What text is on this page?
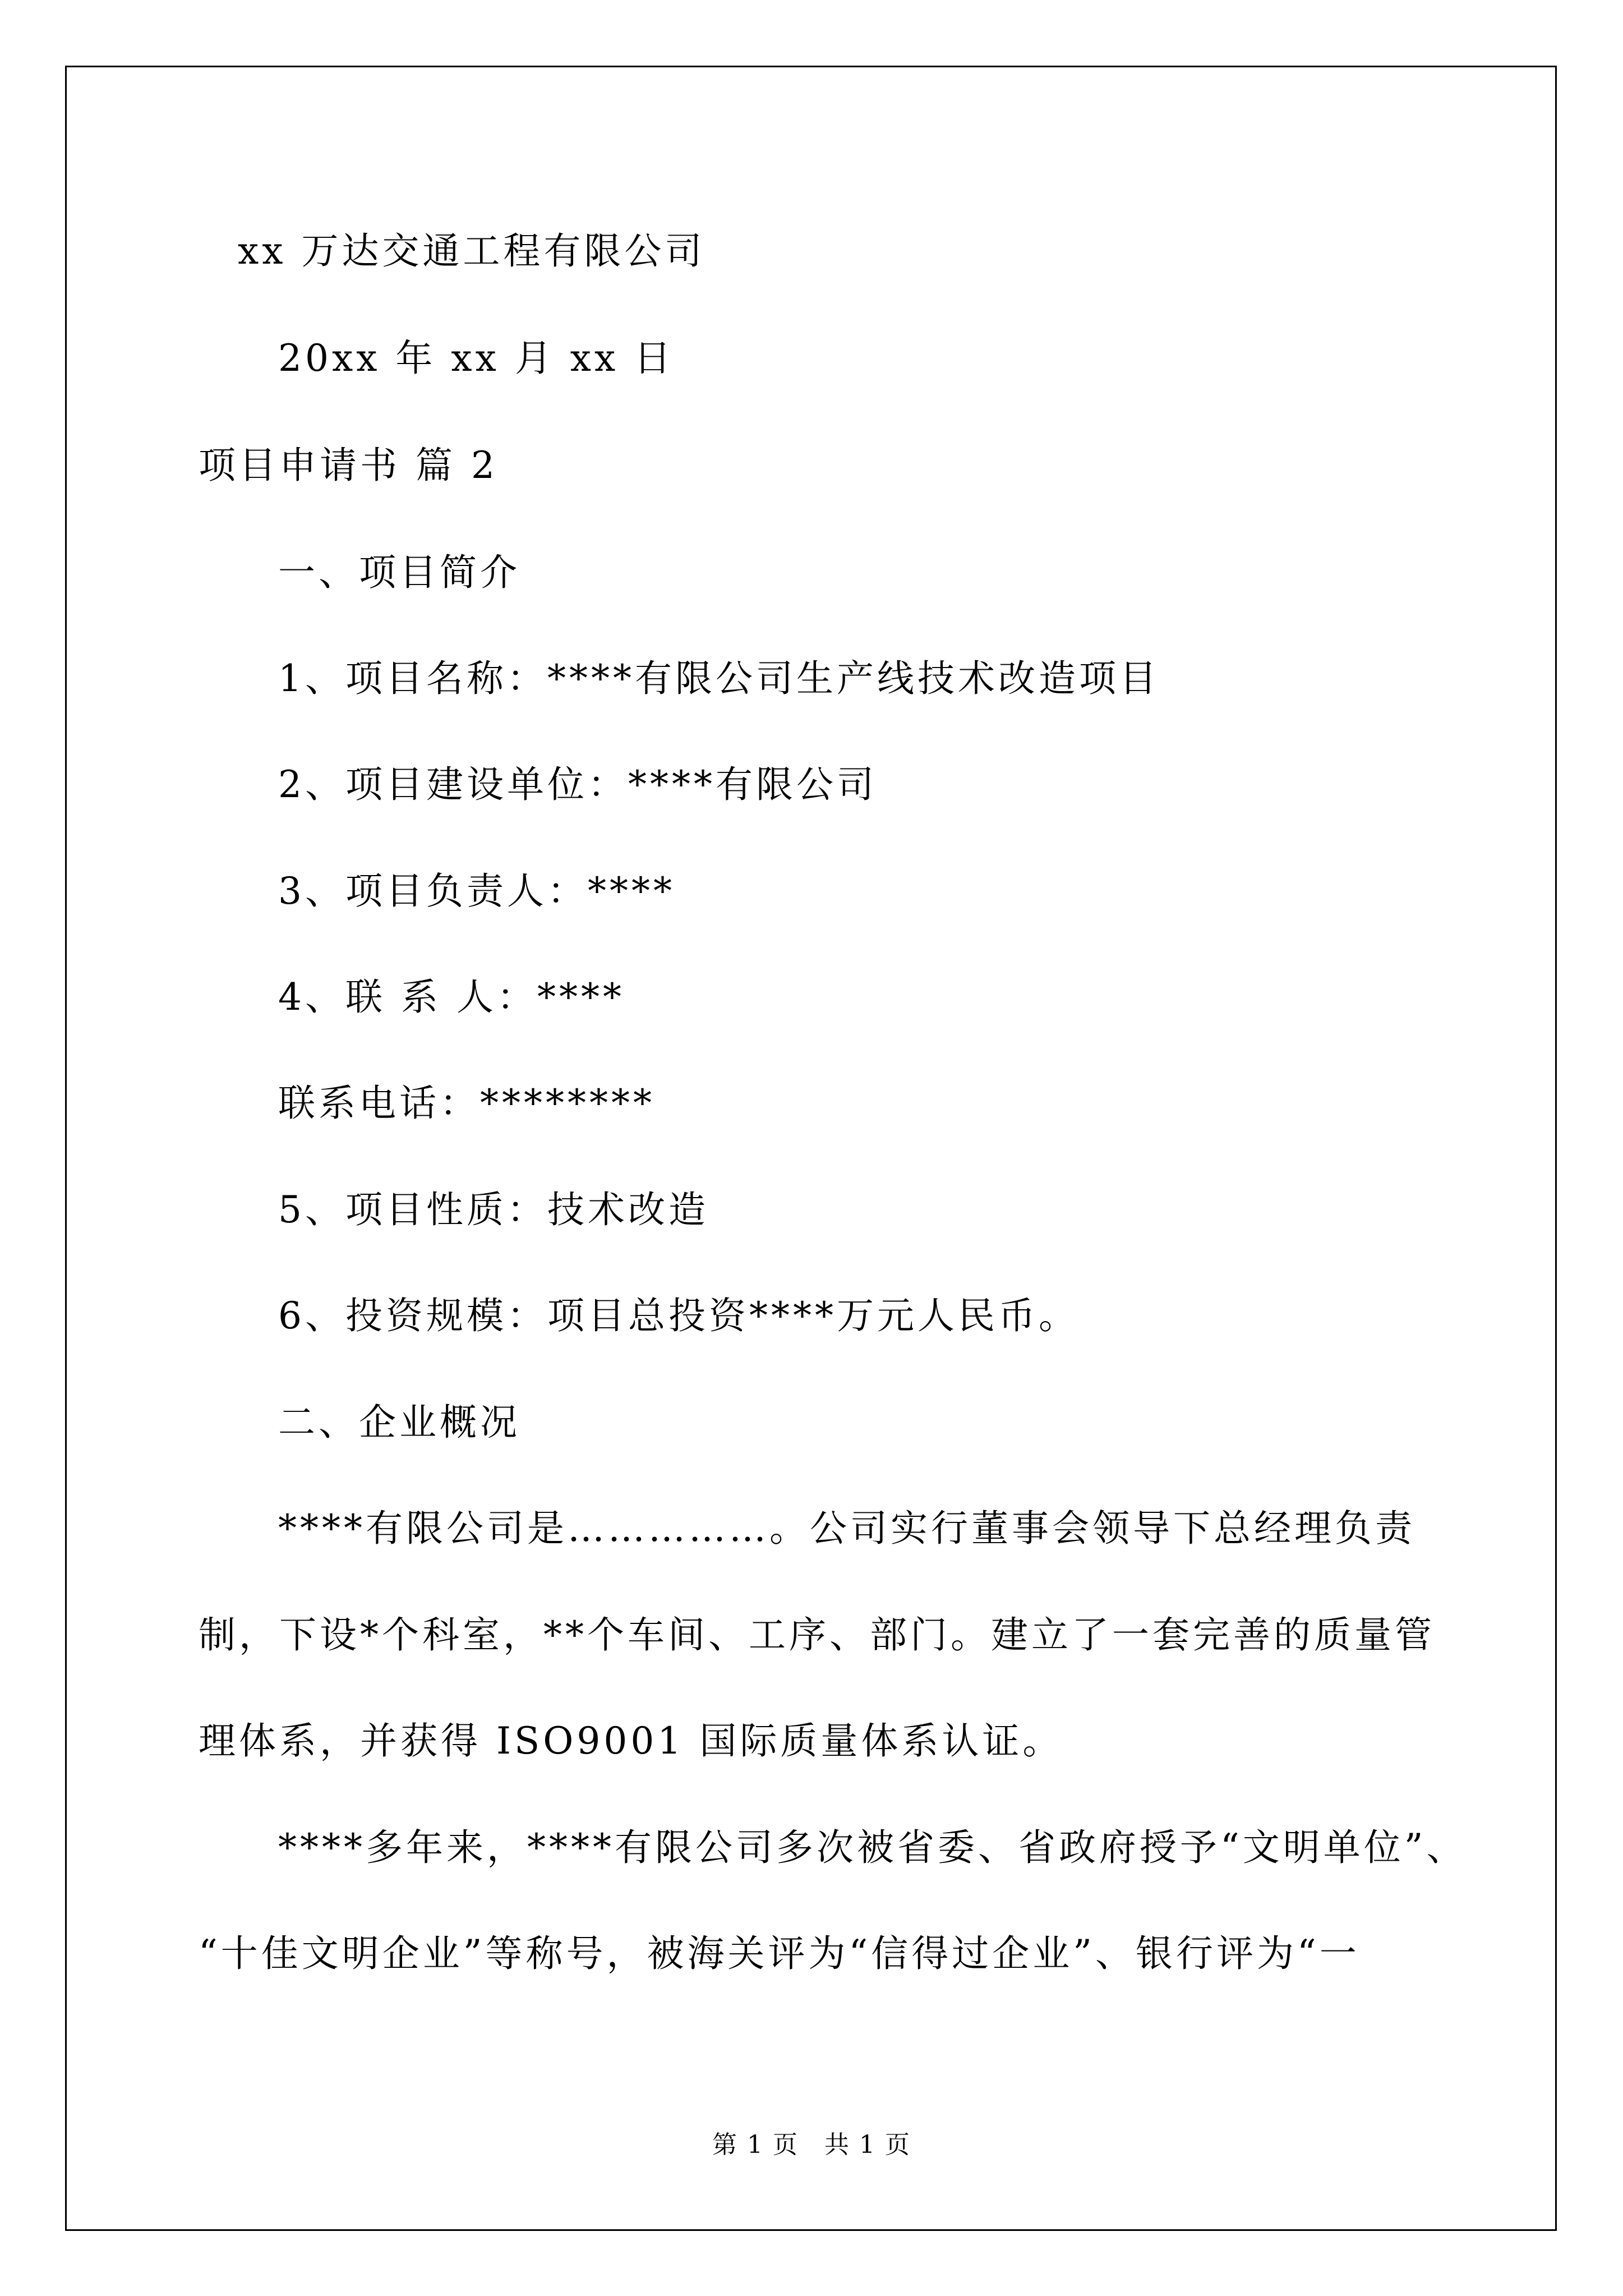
xx 万达交通工程有限公司
20xx 年 xx 月 xx 日
项目申请书 篇 2
一、项目简介
1、项目名称：****有限公司生产线技术改造项目
2、项目建设单位：****有限公司
3、项目负责人：****
4、联 系 人：****
联系电话：********
5、项目性质：技术改造
6、投资规模：项目总投资****万元人民币。
二、企业概况
****有限公司是……………。公司实行董事会领导下总经理负责
制，下设*个科室，**个车间、工序、部门。建立了一套完善的质量管
理体系，并获得 ISO9001 国际质量体系认证。
****多年来，****有限公司多次被省委、省政府授予“文明单位”、
“十佳文明企业”等称号，被海关评为“信得过企业”、银行评为“一
第 1 页　共 1 页
